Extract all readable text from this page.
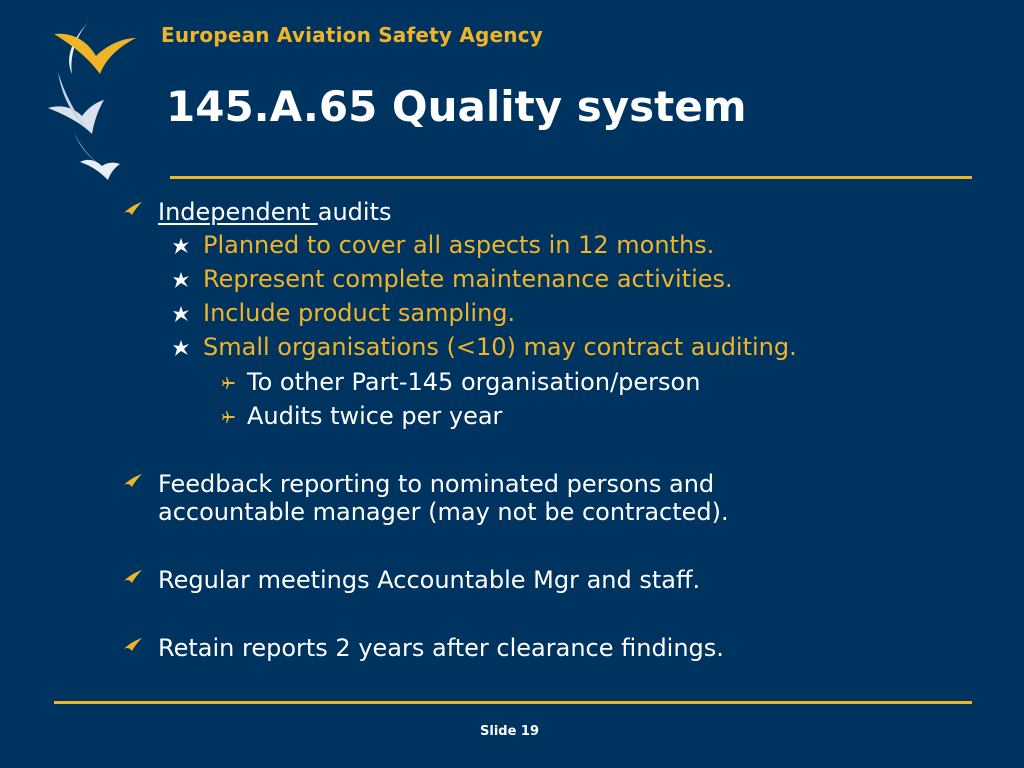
European Aviation Safety Agency
145.A.65 Quality system
Independent audits
Planned to cover all aspects in 12 months.
Represent complete maintenance activities.
Include product sampling.
Small organisations (<10) may contract auditing.
To other Part-145 organisation/person
Audits twice per year
Feedback reporting to nominated persons and
accountable manager (may not be contracted).
Regular meetings Accountable Mgr and staff.
Retain reports 2 years after clearance findings.
Slide 19
